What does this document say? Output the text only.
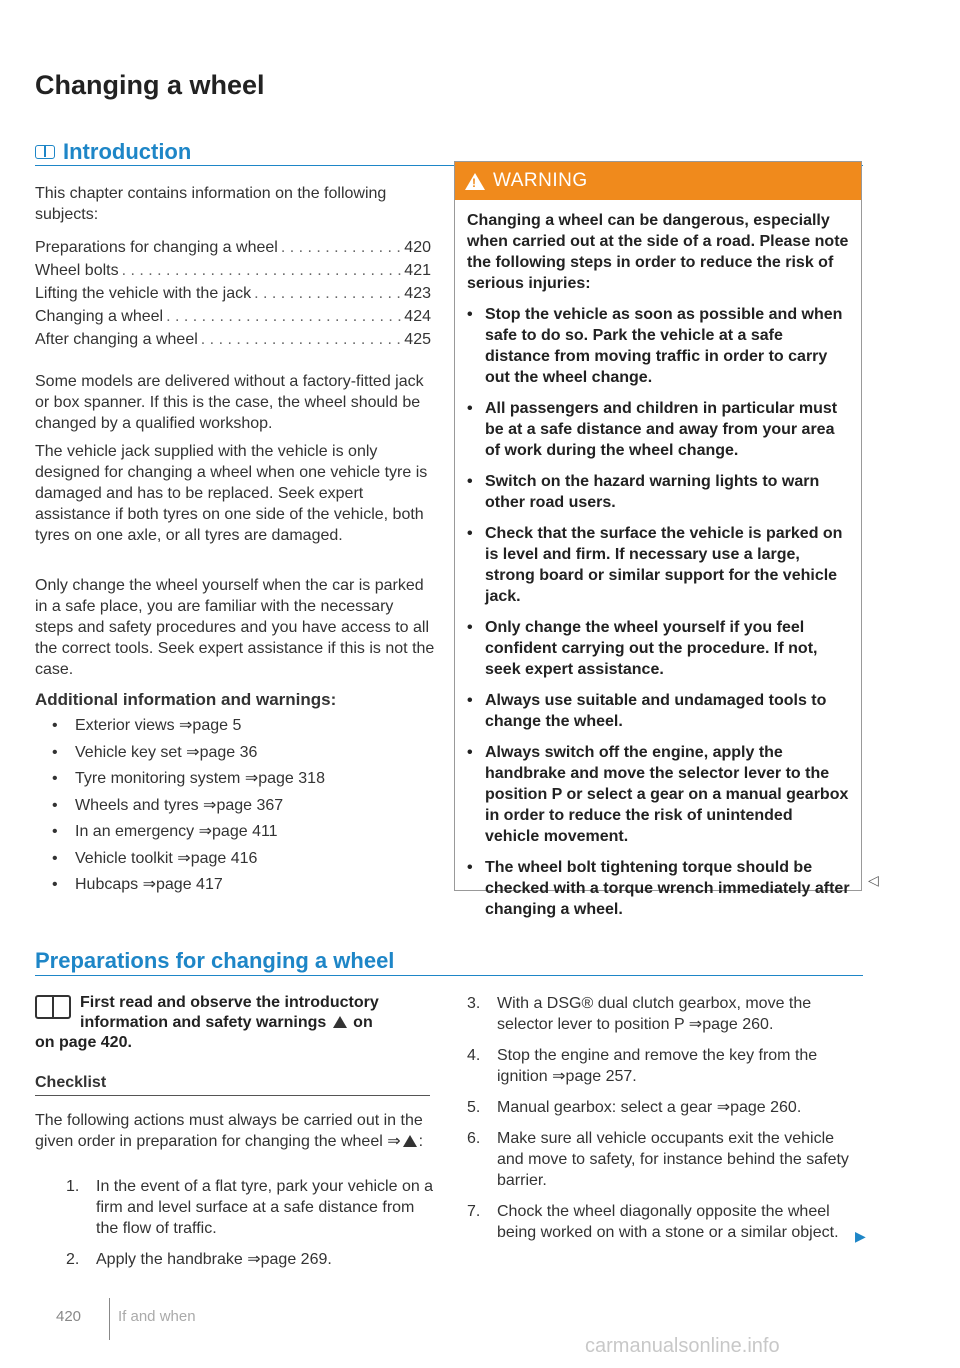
Changing a wheel
Introduction

This chapter contains information on the following subjects:

Preparations for changing a wheel . . .	420
Wheel bolts . . .	421
Lifting the vehicle with the jack . . .	423
Changing a wheel . . .	424
After changing a wheel . . .	425

Some models are delivered without a factory-fitted jack or box spanner. If this is the case, the wheel should be changed by a qualified workshop.

The vehicle jack supplied with the vehicle is only designed for changing a wheel when one vehicle tyre is damaged and has to be replaced. Seek expert assistance if both tyres on one side of the vehicle, both tyres on one axle, or all tyres are damaged.

Only change the wheel yourself when the car is parked in a safe place, you are familiar with the necessary steps and safety procedures and you have access to all the correct tools. Seek expert assistance if this is not the case.

Additional information and warnings:
•	Exterior views ⇒page 5
•	Vehicle key set ⇒page 36
•	Tyre monitoring system ⇒page 318
•	Wheels and tyres ⇒page 367
•	In an emergency ⇒page 411
•	Vehicle toolkit ⇒page 416
•	Hubcaps ⇒page 417
!
WARNING

Changing a wheel can be dangerous, especially when carried out at the side of a road. Please note the following steps in order to reduce the risk of serious injuries:

• Stop the vehicle as soon as possible and when safe to do so. Park the vehicle at a safe distance from moving traffic in order to carry out the wheel change.
• All passengers and children in particular must be at a safe distance and away from your area of work during the wheel change.
• Switch on the hazard warning lights to warn other road users.
• Check that the surface the vehicle is parked on is level and firm. If necessary use a large, strong board or similar support for the vehicle jack.
• Only change the wheel yourself if you feel confident carrying out the procedure. If not, seek expert assistance.
• Always use suitable and undamaged tools to change the wheel.
• Always switch off the engine, apply the handbrake and move the selector lever to the position P or select a gear on a manual gearbox in order to reduce the risk of unintended vehicle movement.
• The wheel bolt tightening torque should be checked with a torque wrench immediately after changing a wheel.
◁
Preparations for changing a wheel
First read and observe the introductory
information and safety warnings  on
on page 420.
Checklist

The following actions must always be carried out in the given order in preparation for changing the wheel ⇒ :

1.	In the event of a flat tyre, park your vehicle on a firm and level surface at a safe distance from the flow of traffic.
2.	Apply the handbrake ⇒page 269.
3.	With a DSG® dual clutch gearbox, move the selector lever to position P ⇒page 260.
4.	Stop the engine and remove the key from the ignition ⇒page 257.
5.	Manual gearbox: select a gear ⇒page 260.
6.	Make sure all vehicle occupants exit the vehicle and move to safety, for instance behind the safety barrier.
7.	Chock the wheel diagonally opposite the wheel being worked on with a stone or a similar object.	▶
420 If and when
carmanualsonline.info
